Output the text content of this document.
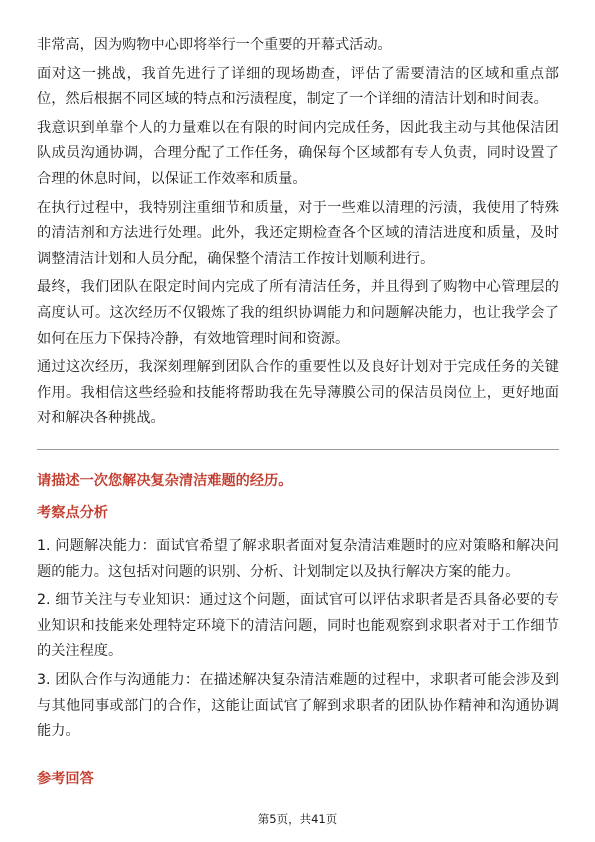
非常高，因为购物中心即将举行一个重要的开幕式活动。

面对这一挑战，我首先进行了详细的现场勘查，评估了需要清洁的区域和重点部位，然后根据不同区域的特点和污渍程度，制定了一个详细的清洁计划和时间表。

我意识到单靠个人的力量难以在有限的时间内完成任务，因此我主动与其他保洁团队成员沟通协调，合理分配了工作任务，确保每个区域都有专人负责，同时设置了合理的休息时间，以保证工作效率和质量。

在执行过程中，我特别注重细节和质量，对于一些难以清理的污渍，我使用了特殊的清洁剂和方法进行处理。此外，我还定期检查各个区域的清洁进度和质量，及时调整清洁计划和人员分配，确保整个清洁工作按计划顺利进行。

最终，我们团队在限定时间内完成了所有清洁任务，并且得到了购物中心管理层的高度认可。这次经历不仅锻炼了我的组织协调能力和问题解决能力，也让我学会了如何在压力下保持冷静，有效地管理时间和资源。

通过这次经历，我深刻理解到团队合作的重要性以及良好计划对于完成任务的关键作用。我相信这些经验和技能将帮助我在先导薄膜公司的保洁员岗位上，更好地面对和解决各种挑战。

请描述一次您解决复杂清洁难题的经历。

考察点分析

1. 问题解决能力：面试官希望了解求职者面对复杂清洁难题时的应对策略和解决问题的能力。这包括对问题的识别、分析、计划制定以及执行解决方案的能力。

2. 细节关注与专业知识：通过这个问题，面试官可以评估求职者是否具备必要的专业知识和技能来处理特定环境下的清洁问题，同时也能观察到求职者对于工作细节的关注程度。

3. 团队合作与沟通能力：在描述解决复杂清洁难题的过程中，求职者可能会涉及到与其他同事或部门的合作，这能让面试官了解到求职者的团队协作精神和沟通协调能力。

参考回答

第5页，共41页
